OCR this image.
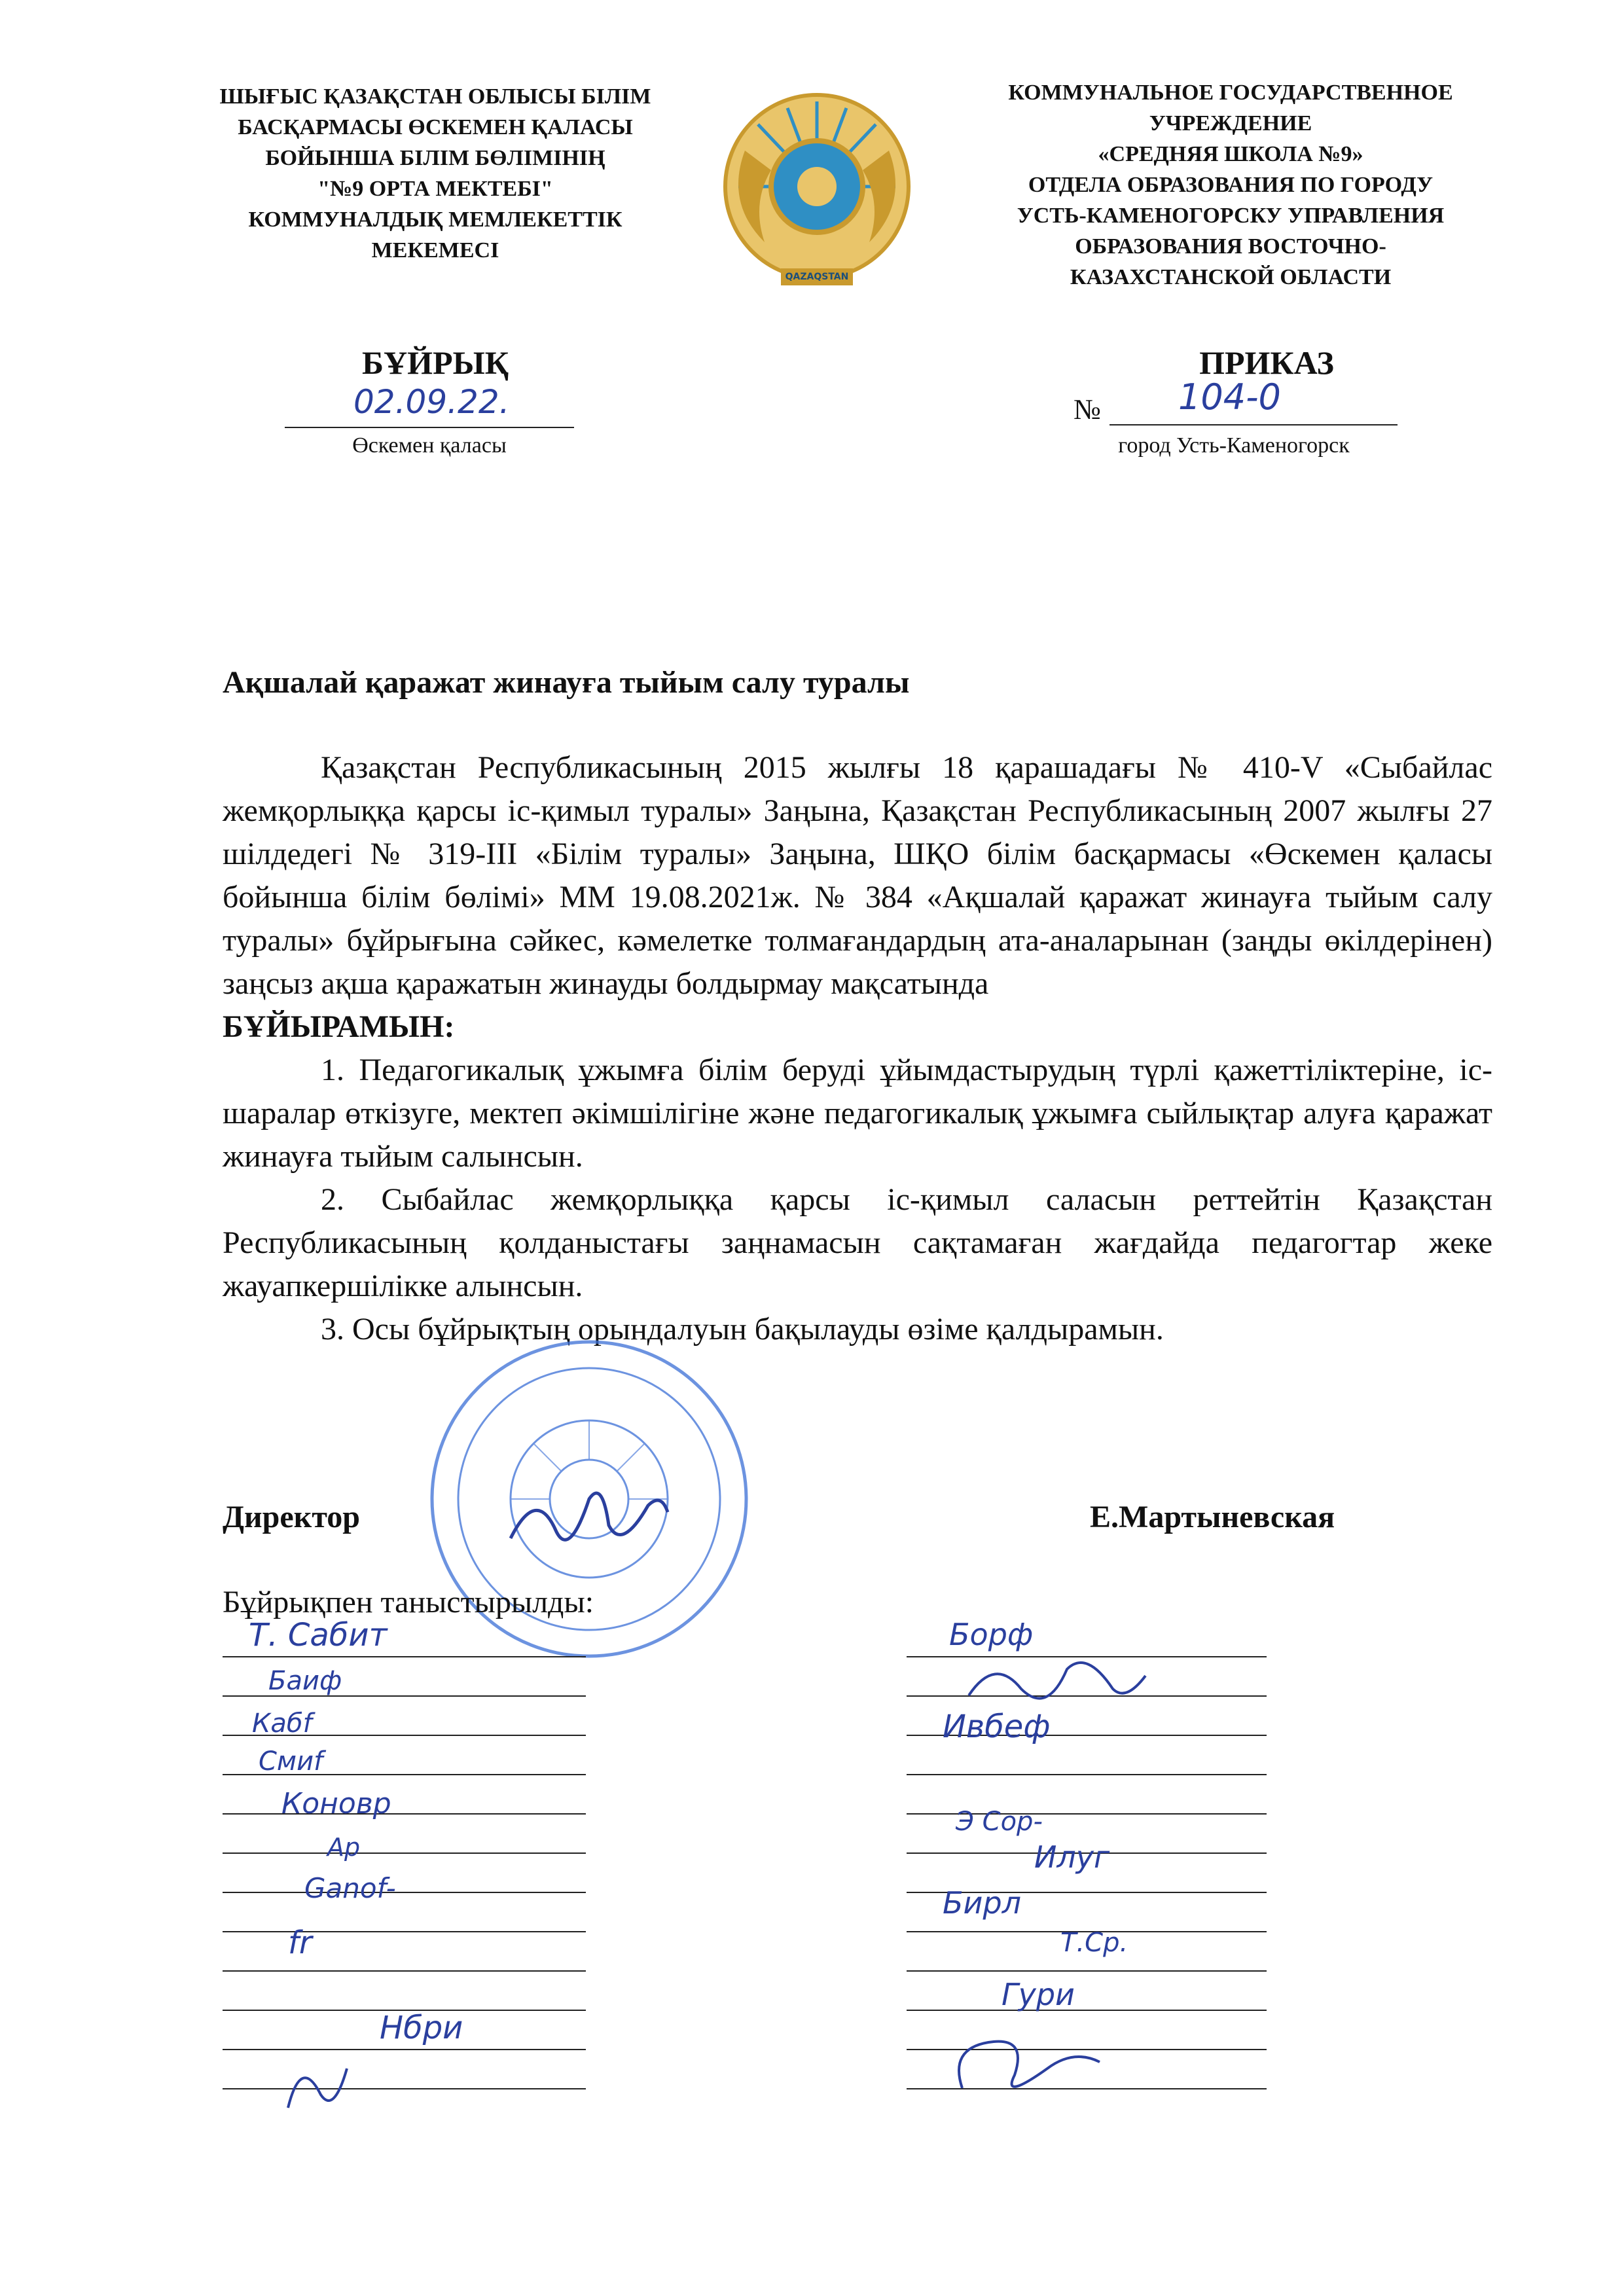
ШЫҒЫС ҚАЗАҚСТАН ОБЛЫСЫ БІЛІМ
БАСҚАРМАСЫ ӨСКЕМЕН ҚАЛАСЫ
БОЙЫНША БІЛІМ БӨЛІМІНІҢ
"№9 ОРТА МЕКТЕБІ"
КОММУНАЛДЫҚ МЕМЛЕКЕТТІК
МЕКЕМЕСІ
QAZAQSTAN
КОММУНАЛЬНОЕ ГОСУДАРСТВЕННОЕ
УЧРЕЖДЕНИЕ
«СРЕДНЯЯ ШКОЛА №9»
ОТДЕЛА ОБРАЗОВАНИЯ ПО ГОРОДУ
УСТЬ-КАМЕНОГОРСКУ УПРАВЛЕНИЯ
ОБРАЗОВАНИЯ ВОСТОЧНО-
КАЗАХСТАНСКОЙ ОБЛАСТИ
БҰЙРЫҚ
02.09.22.
Өскемен қаласы
ПРИКАЗ
№ 104-0
город Усть-Каменогорск
Ақшалай қаражат жинауға тыйым салу туралы

Қазақстан Республикасының 2015 жылғы 18 қарашадағы № 410-V «Сыбайлас жемқорлыққа қарсы іс-қимыл туралы» Заңына, Қазақстан Республикасының 2007 жылғы 27 шілдедегі № 319-ІІІ «Білім туралы» Заңына, ШҚО білім басқармасы «Өскемен қаласы бойынша білім бөлімі» ММ 19.08.2021ж. № 384 «Ақшалай қаражат жинауға тыйым салу туралы» бұйрығына сәйкес, кәмелетке толмағандардың ата-аналарынан (заңды өкілдерінен) заңсыз ақша қаражатын жинауды болдырмау мақсатында

БҰЙЫРАМЫН:

1. Педагогикалық ұжымға білім беруді ұйымдастырудың түрлі қажеттіліктеріне, іс-шаралар өткізуге, мектеп әкімшілігіне және педагогикалық ұжымға сыйлықтар алуға қаражат жинауға тыйым салынсын.

2. Сыбайлас жемқорлыққа қарсы іс-қимыл саласын реттейтін Қазақстан Республикасының қолданыстағы заңнамасын сақтамаған жағдайда педагогтар жеке жауапкершілікке алынсын.

3. Осы бұйрықтың орындалуын бақылауды өзіме қалдырамын.

Директор	Е.Мартыневская
Бұйрықпен таныстырылды:
Т. Сабит
Баиф
Кабf
Смиf
Коновр
Ар
Ganof-
fr
Нбри
Борф
Ивбеф
Э Сор-
Илуг
Бирл
Т.Ср.
Гури
